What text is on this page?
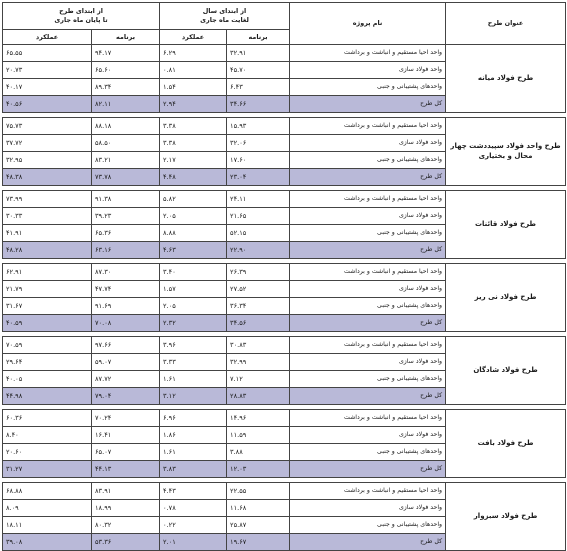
عنوان طرح	نام پروژه	از ابتدای سال
لغایت ماه جاری		از ابتدای طرح
تا پایان ماه جاری	
		برنامه	عملکرد	برنامه	عملکرد
طرح فولاد میانه	واحد احیا مستقیم و انباشت و برداشت	۳۲.۹۱	۶.۲۹	۹۴.۱۷	۶۵.۵۵
	واحد فولاد سازی	۴۵.۷۰	۰.۸۱	۶۵.۶۰	۲۰.۷۳
	واحدهای پشتیبانی و جنبی	۶.۴۳	۱.۵۴	۸۹.۳۴	۴۰.۱۷
	کل طرح	۳۴.۶۶	۲.۹۴	۸۲.۱۱	۴۰.۵۶

طرح واحد فولاد سپیددشت چهار محال و بختیاری	واحد احیا مستقیم و انباشت و برداشت	۱۵.۹۳	۳.۳۸	۸۸.۱۸	۷۵.۷۳
	واحد فولاد سازی	۳۲.۰۶	۳.۳۸	۵۸.۵۰	۳۷.۷۲
	واحدهای پشتیبانی و جنبی	۱۷.۶۰	۲.۱۷	۸۳.۲۱	۳۲.۹۵
	کل طرح	۲۳.۰۴	۴.۴۸	۷۳.۷۸	۴۸.۳۸

طرح فولاد قائنات	واحد احیا مستقیم و انباشت و برداشت	۲۴.۱۱	۵.۸۲	۹۱.۳۸	۷۳.۹۹
	واحد فولاد سازی	۲۱.۶۵	۲.۰۵	۳۹.۲۳	۳۰.۳۳
	واحدهای پشتیبانی و جنبی	۵۲.۱۵	۸.۸۸	۶۵.۳۶	۴۱.۹۱
	کل طرح	۲۲.۹۰	۴.۶۳	۶۳.۱۶	۴۸.۲۸

طرح فولاد نی ریز	واحد احیا مستقیم و انباشت و برداشت	۲۶.۳۹	۳.۴۰	۸۷.۳۰	۶۲.۹۱
	واحد فولاد سازی	۲۷.۵۲	۱.۵۷	۴۷.۷۴	۲۱.۷۹
	واحدهای پشتیبانی و جنبی	۳۶.۳۴	۲.۰۵	۹۱.۶۹	۳۱.۶۷
	کل طرح	۳۴.۵۶	۲.۳۲	۷۰.۰۸	۴۰.۵۹

طرح فولاد شادگان	واحد احیا مستقیم و انباشت و برداشت	۳۰.۸۳	۳.۹۶	۹۷.۶۶	۷۰.۵۹
	واحد فولاد سازی	۳۲.۹۹	۳.۳۳	۵۹.۰۷	۲۹.۶۴
	واحدهای پشتیبانی و جنبی	۷.۱۲	۱.۶۱	۸۷.۷۲	۴۰.۰۵
	کل طرح	۲۸.۸۳	۳.۱۲	۷۹.۰۴	۴۴.۹۸

طرح فولاد بافت	واحد احیا مستقیم و انباشت و برداشت	۱۴.۹۶	۶.۹۶	۷۰.۲۴	۶۰.۳۶
	واحد فولاد سازی	۱۱.۵۹	۱.۸۶	۱۶.۴۱	۸.۴۰
	واحدهای پشتیبانی و جنبی	۳.۸۸	۱.۶۱	۶۵.۰۷	۲۰.۶۰
	کل طرح	۱۲.۰۳	۳.۸۳	۴۴.۱۳	۳۱.۲۷

طرح فولاد سبزوار	واحد احیا مستقیم و انباشت و برداشت	۲۲.۵۵	۴.۴۳	۸۳.۹۱	۶۸.۸۸
	واحد فولاد سازی	۱۱.۶۸	۰.۷۸	۱۸.۹۹	۸.۰۹
	واحدهای پشتیبانی و جنبی	۲۵.۸۷	۰.۲۲	۸۰.۳۲	۱۸.۱۱
	کل طرح	۱۹.۶۷	۲.۰۱	۵۳.۳۶	۳۹.۰۸
